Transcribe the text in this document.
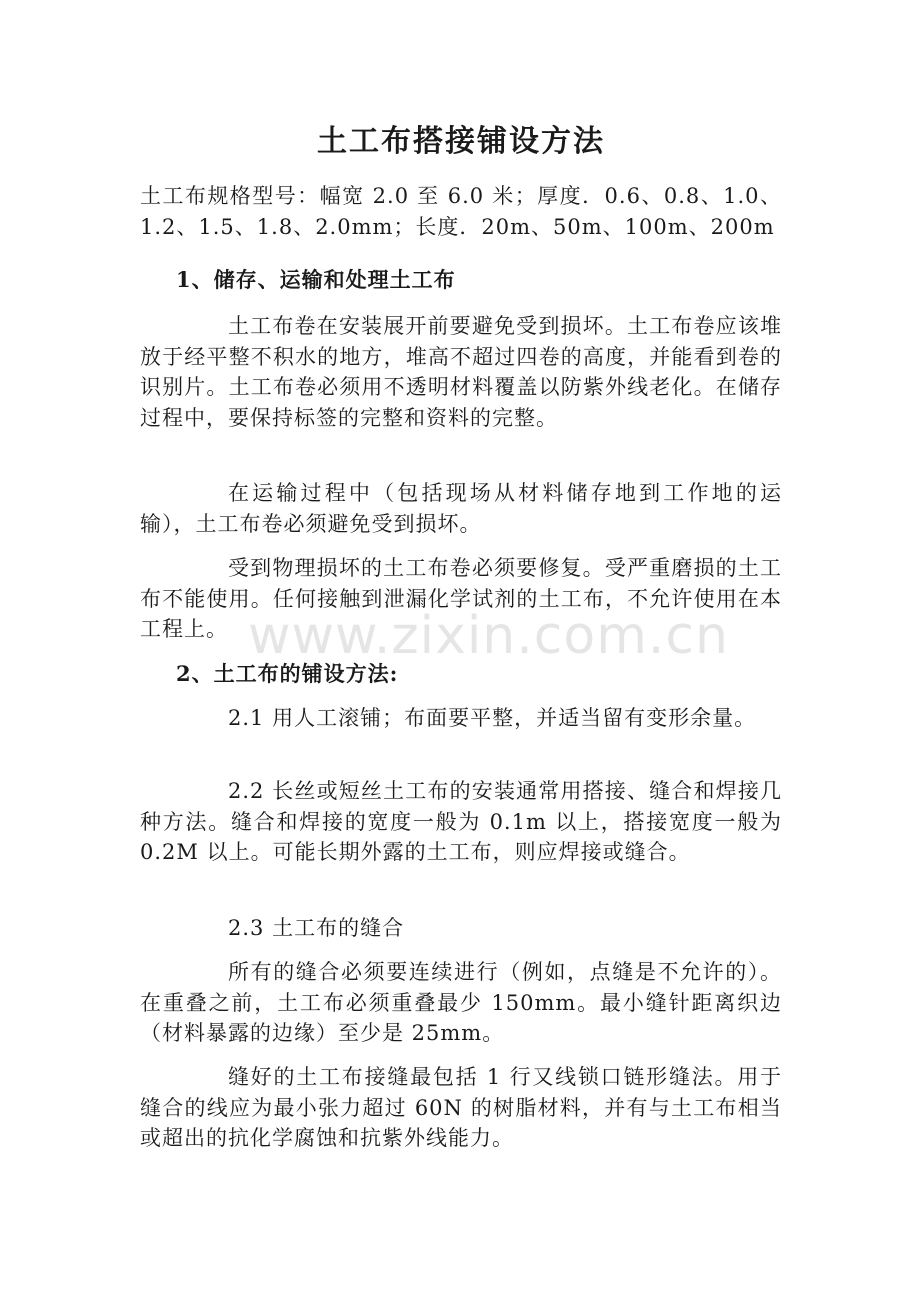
土工布搭接铺设方法

土工布规格型号：幅宽 2.0 至 6.0 米；厚度．0.6、0.8、1.0、1.2、1.5、1.8、2.0mm；长度．20m、50m、100m、200m

1、储存、运输和处理土工布

土工布卷在安装展开前要避免受到损坏。土工布卷应该堆放于经平整不积水的地方，堆高不超过四卷的高度，并能看到卷的识别片。土工布卷必须用不透明材料覆盖以防紫外线老化。在储存过程中，要保持标签的完整和资料的完整。

在运输过程中（包括现场从材料储存地到工作地的运输），土工布卷必须避免受到损坏。

受到物理损坏的土工布卷必须要修复。受严重磨损的土工布不能使用。任何接触到泄漏化学试剂的土工布，不允许使用在本工程上。

2、土工布的铺设方法:

2.1 用人工滚铺；布面要平整，并适当留有变形余量。

2.2 长丝或短丝土工布的安装通常用搭接、缝合和焊接几种方法。缝合和焊接的宽度一般为 0.1m 以上，搭接宽度一般为 0.2M 以上。可能长期外露的土工布，则应焊接或缝合。

2.3 土工布的缝合

所有的缝合必须要连续进行（例如，点缝是不允许的）。在重叠之前，土工布必须重叠最少 150mm。最小缝针距离织边（材料暴露的边缘）至少是 25mm。

缝好的土工布接缝最包括 1 行又线锁口链形缝法。用于缝合的线应为最小张力超过 60N 的树脂材料，并有与土工布相当或超出的抗化学腐蚀和抗紫外线能力。

www.zixin.com.cn
